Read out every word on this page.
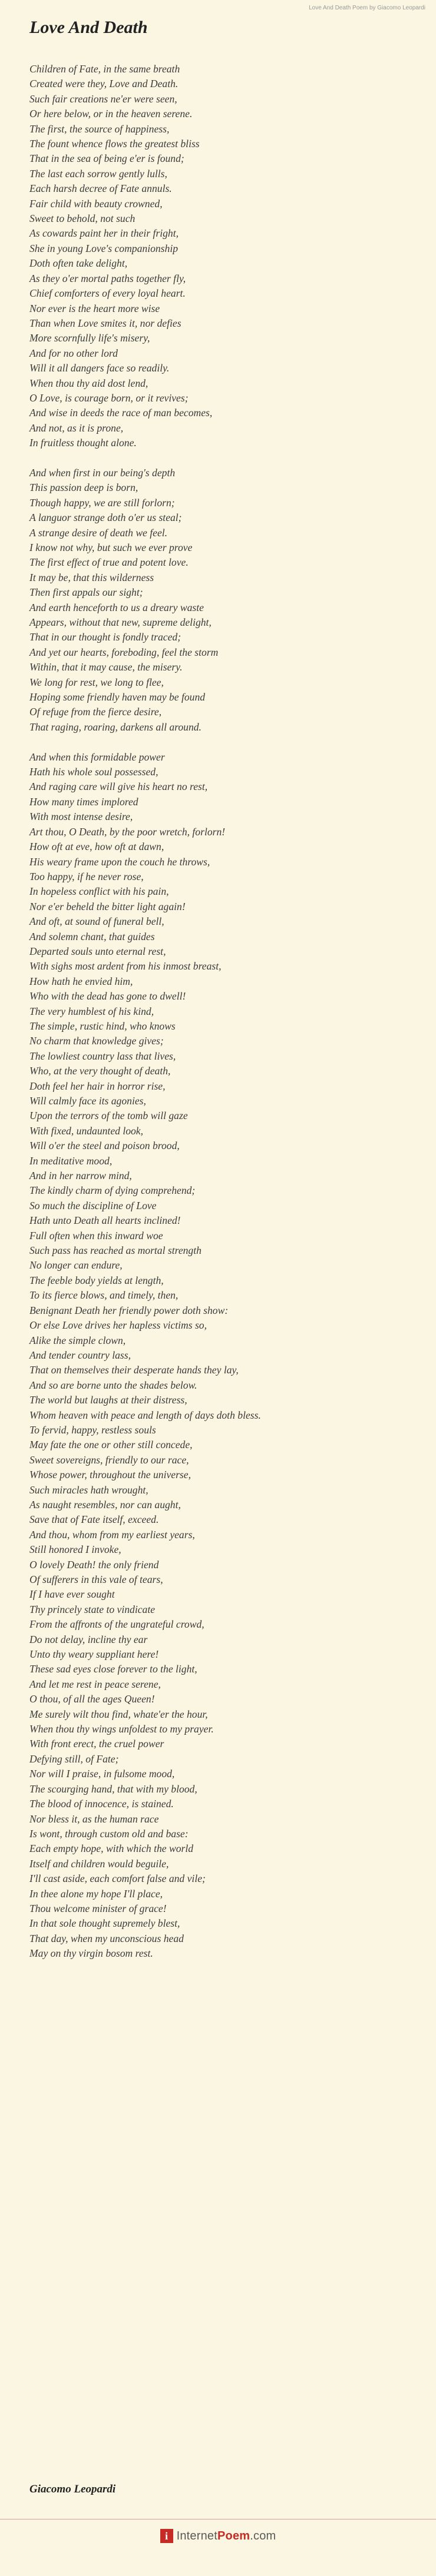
Love And Death Poem by Giacomo Leopardi
Love And Death
Children of Fate, in the same breath
Created were they, Love and Death.
Such fair creations ne'er were seen,
Or here below, or in the heaven serene.
The first, the source of happiness,
The fount whence flows the greatest bliss
That in the sea of being e'er is found;
The last each sorrow gently lulls,
Each harsh decree of Fate annuls.
Fair child with beauty crowned,
Sweet to behold, not such
As cowards paint her in their fright,
She in young Love's companionship
Doth often take delight,
As they o'er mortal paths together fly,
Chief comforters of every loyal heart.
Nor ever is the heart more wise
Than when Love smites it, nor defies
More scornfully life's misery,
And for no other lord
Will it all dangers face so readily.
When thou thy aid dost lend,
O Love, is courage born, or it revives;
And wise in deeds the race of man becomes,
And not, as it is prone,
In fruitless thought alone.
And when first in our being's depth
This passion deep is born,
Though happy, we are still forlorn;
A languor strange doth o'er us steal;
A strange desire of death we feel.
I know not why, but such we ever prove
The first effect of true and potent love.
It may be, that this wilderness
Then first appals our sight;
And earth henceforth to us a dreary waste
Appears, without that new, supreme delight,
That in our thought is fondly traced;
And yet our hearts, foreboding, feel the storm
Within, that it may cause, the misery.
We long for rest, we long to flee,
Hoping some friendly haven may be found
Of refuge from the fierce desire,
That raging, roaring, darkens all around.
And when this formidable power
Hath his whole soul possessed,
And raging care will give his heart no rest,
How many times implored
With most intense desire,
Art thou, O Death, by the poor wretch, forlorn!
How oft at eve, how oft at dawn,
His weary frame upon the couch he throws,
Too happy, if he never rose,
In hopeless conflict with his pain,
Nor e'er beheld the bitter light again!
And oft, at sound of funeral bell,
And solemn chant, that guides
Departed souls unto eternal rest,
With sighs most ardent from his inmost breast,
How hath he envied him,
Who with the dead has gone to dwell!
The very humblest of his kind,
The simple, rustic hind, who knows
No charm that knowledge gives;
The lowliest country lass that lives,
Who, at the very thought of death,
Doth feel her hair in horror rise,
Will calmly face its agonies,
Upon the terrors of the tomb will gaze
With fixed, undaunted look,
Will o'er the steel and poison brood,
In meditative mood,
And in her narrow mind,
The kindly charm of dying comprehend;
So much the discipline of Love
Hath unto Death all hearts inclined!
Full often when this inward woe
Such pass has reached as mortal strength
No longer can endure,
The feeble body yields at length,
To its fierce blows, and timely, then,
Benignant Death her friendly power doth show:
Or else Love drives her hapless victims so,
Alike the simple clown,
And tender country lass,
That on themselves their desperate hands they lay,
And so are borne unto the shades below.
The world but laughs at their distress,
Whom heaven with peace and length of days doth bless.
To fervid, happy, restless souls
May fate the one or other still concede,
Sweet sovereigns, friendly to our race,
Whose power, throughout the universe,
Such miracles hath wrought,
As naught resembles, nor can aught,
Save that of Fate itself, exceed.
And thou, whom from my earliest years,
Still honored I invoke,
O lovely Death! the only friend
Of sufferers in this vale of tears,
If I have ever sought
Thy princely state to vindicate
From the affronts of the ungrateful crowd,
Do not delay, incline thy ear
Unto thy weary suppliant here!
These sad eyes close forever to the light,
And let me rest in peace serene,
O thou, of all the ages Queen!
Me surely wilt thou find, whate'er the hour,
When thou thy wings unfoldest to my prayer.
With front erect, the cruel power
Defying still, of Fate;
Nor will I praise, in fulsome mood,
The scourging hand, that with my blood,
The blood of innocence, is stained.
Nor bless it, as the human race
Is wont, through custom old and base:
Each empty hope, with which the world
Itself and children would beguile,
I'll cast aside, each comfort false and vile;
In thee alone my hope I'll place,
Thou welcome minister of grace!
In that sole thought supremely blest,
That day, when my unconscious head
May on thy virgin bosom rest.
Giacomo Leopardi
i InternetPoem.com
